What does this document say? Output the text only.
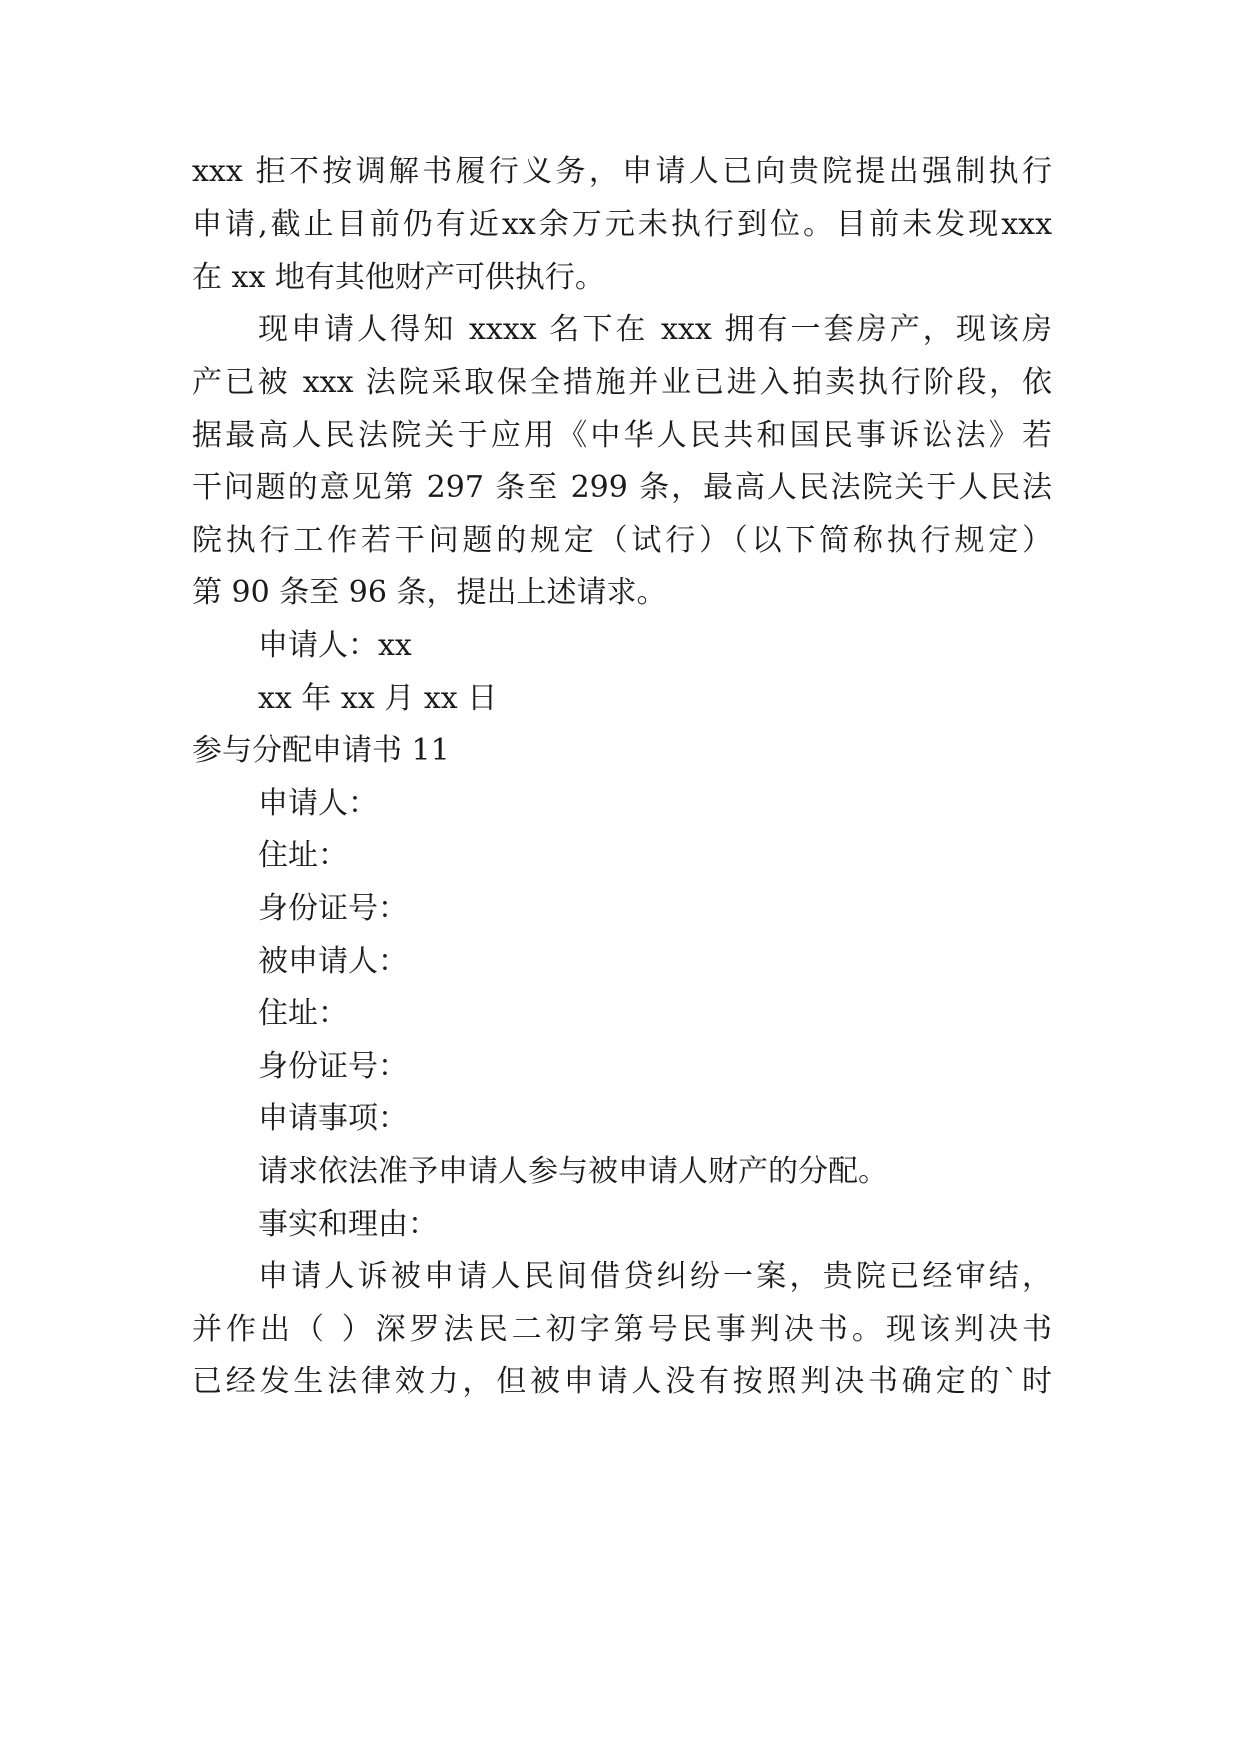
xxx 拒不按调解书履行义务，申请人已向贵院提出强制执行
申请,截止目前仍有近xx余万元未执行到位。目前未发现xxx
在 xx 地有其他财产可供执行。
现申请人得知 xxxx 名下在 xxx 拥有一套房产，现该房
产已被 xxx 法院采取保全措施并业已进入拍卖执行阶段，依
据最高人民法院关于应用《中华人民共和国民事诉讼法》若
干问题的意见第 297 条至 299 条，最高人民法院关于人民法
院执行工作若干问题的规定（试行）（以下简称执行规定）
第 90 条至 96 条，提出上述请求。
申请人：xx
xx 年 xx 月 xx 日
参与分配申请书 11
申请人：
住址：
身份证号：
被申请人：
住址：
身份证号：
申请事项：
请求依法准予申请人参与被申请人财产的分配。
事实和理由：
申请人诉被申请人民间借贷纠纷一案，贵院已经审结，
并作出（ ）深罗法民二初字第号民事判决书。现该判决书
已经发生法律效力，但被申请人没有按照判决书确定的`时
